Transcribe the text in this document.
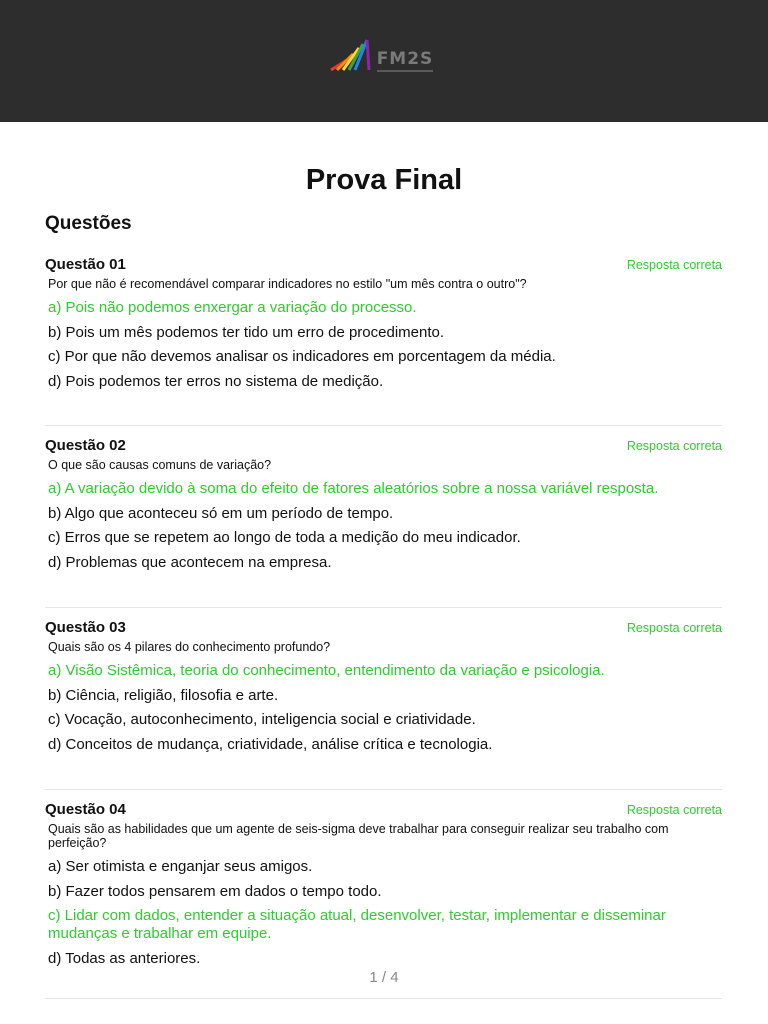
FM2S
Prova Final
Questões
Questão 01	Resposta correta
Por que não é recomendável comparar indicadores no estilo "um mês contra o outro"?
a) Pois não podemos enxergar a variação do processo.
b) Pois um mês podemos ter tido um erro de procedimento.
c) Por que não devemos analisar os indicadores em porcentagem da média.
d) Pois podemos ter erros no sistema de medição.
Questão 02	Resposta correta
O que são causas comuns de variação?
a) A variação devido à soma do efeito de fatores aleatórios sobre a nossa variável resposta.
b) Algo que aconteceu só em um período de tempo.
c) Erros que se repetem ao longo de toda a medição do meu indicador.
d) Problemas que acontecem na empresa.
Questão 03	Resposta correta
Quais são os 4 pilares do conhecimento profundo?
a) Visão Sistêmica, teoria do conhecimento, entendimento da variação e psicologia.
b) Ciência, religião, filosofia e arte.
c) Vocação, autoconhecimento, inteligencia social e criatividade.
d) Conceitos de mudança, criatividade, análise crítica e tecnologia.
Questão 04	Resposta correta
Quais são as habilidades que um agente de seis-sigma deve trabalhar para conseguir realizar seu trabalho com perfeição?
a) Ser otimista e enganjar seus amigos.
b) Fazer todos pensarem em dados o tempo todo.
c) Lidar com dados, entender a situação atual, desenvolver, testar, implementar e disseminar mudanças e trabalhar em equipe.
d) Todas as anteriores.
1 / 4
